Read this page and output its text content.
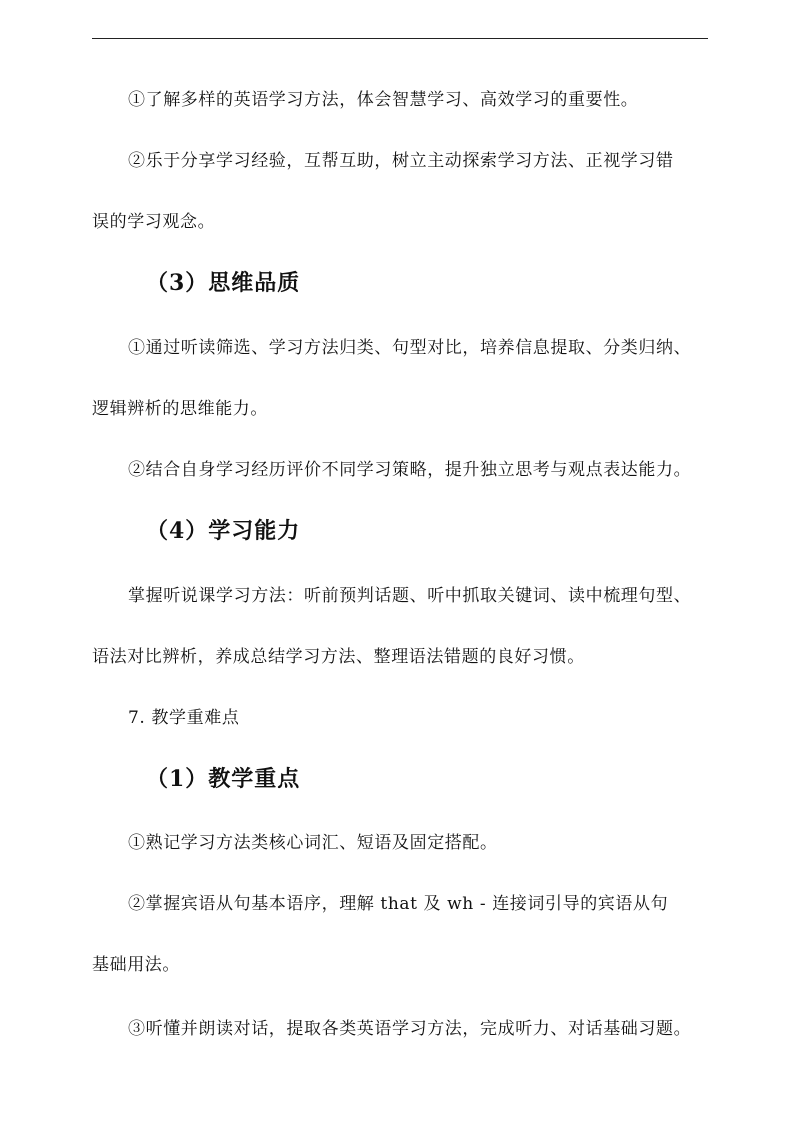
①了解多样的英语学习方法，体会智慧学习、高效学习的重要性。
②乐于分享学习经验，互帮互助，树立主动探索学习方法、正视学习错
误的学习观念。
（3）思维品质
①通过听读筛选、学习方法归类、句型对比，培养信息提取、分类归纳、
逻辑辨析的思维能力。
②结合自身学习经历评价不同学习策略，提升独立思考与观点表达能力。
（4）学习能力
掌握听说课学习方法：听前预判话题、听中抓取关键词、读中梳理句型、
语法对比辨析，养成总结学习方法、整理语法错题的良好习惯。
7. 教学重难点
（1）教学重点
①熟记学习方法类核心词汇、短语及固定搭配。
②掌握宾语从句基本语序，理解 that 及 wh - 连接词引导的宾语从句
基础用法。
③听懂并朗读对话，提取各类英语学习方法，完成听力、对话基础习题。
